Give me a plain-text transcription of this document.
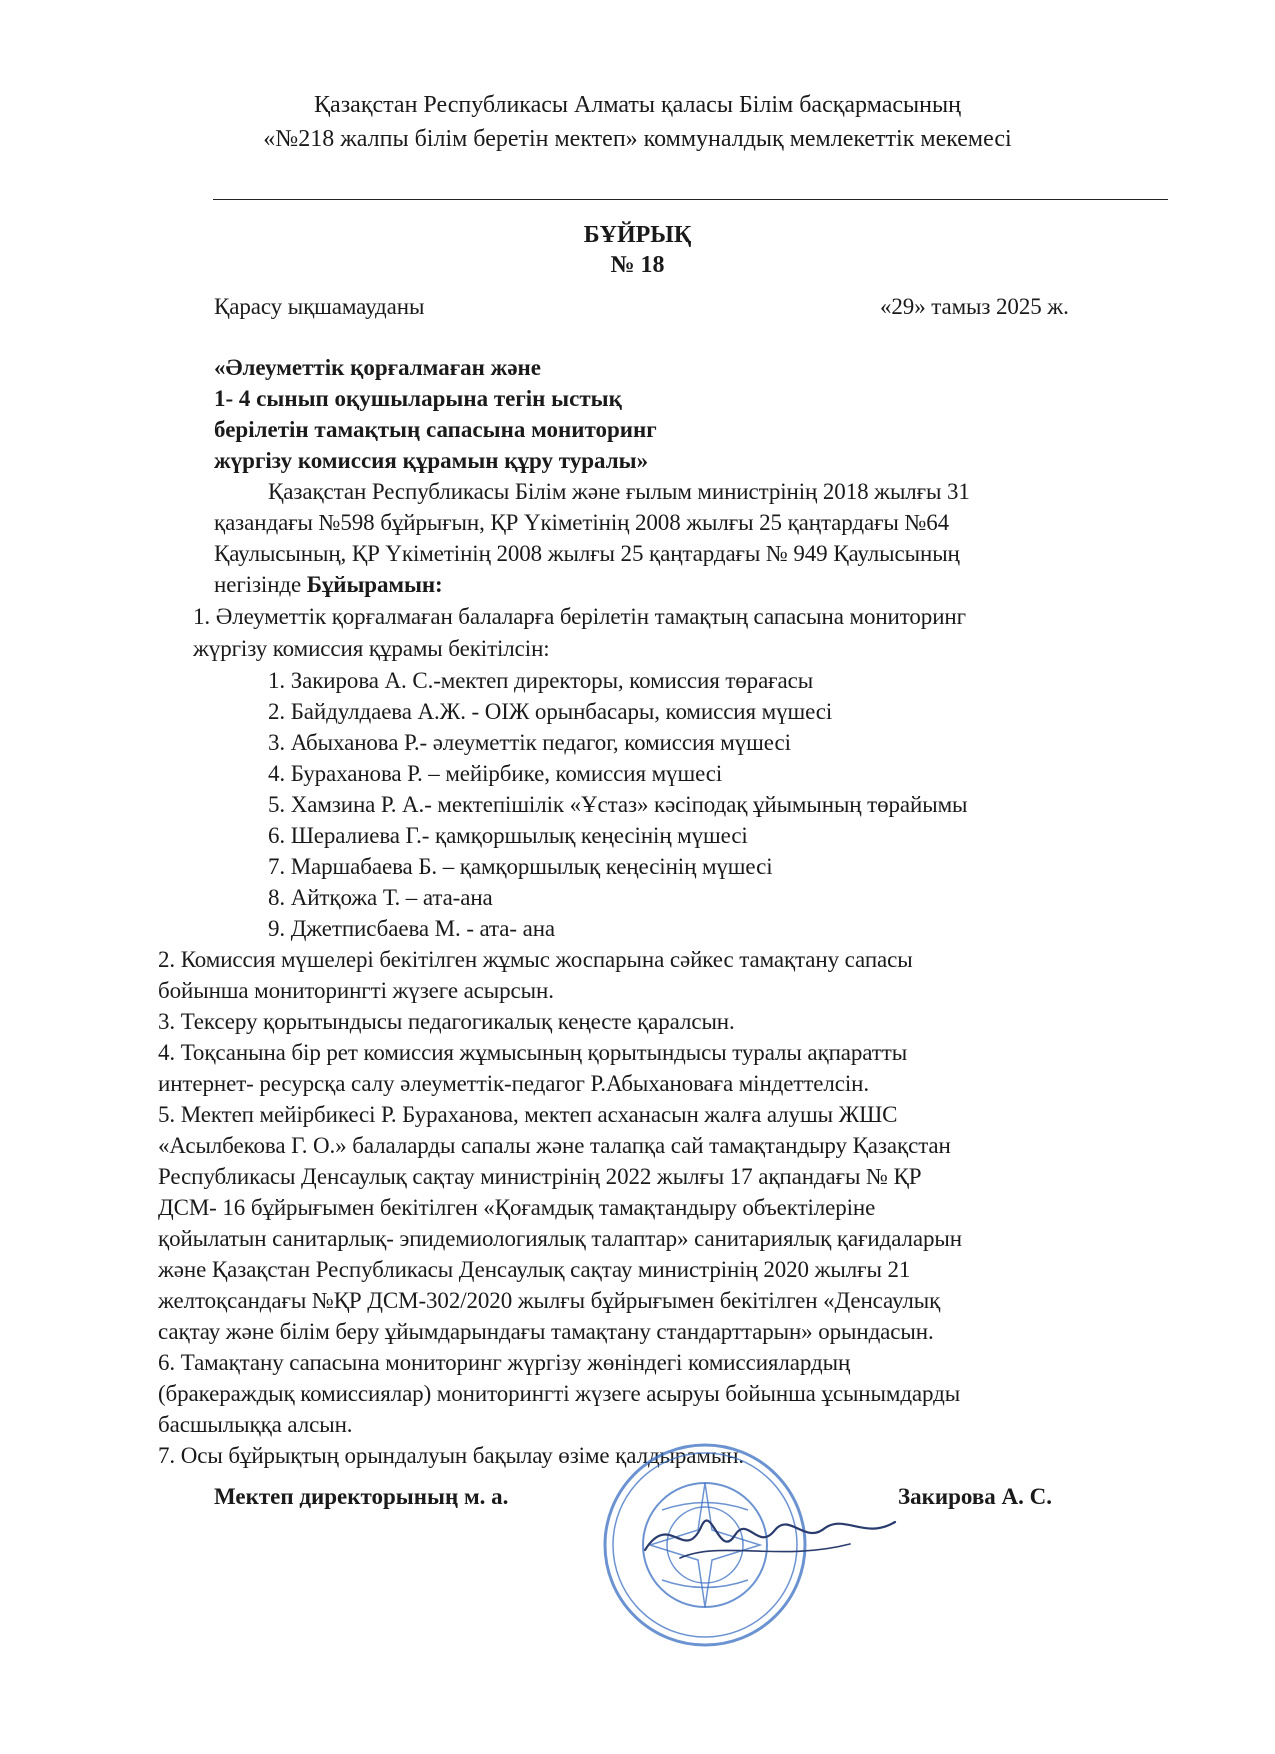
Қазақстан Республикасы Алматы қаласы Білім басқармасының
«№218 жалпы білім беретін мектеп» коммуналдық мемлекеттік мекемесі
БҰЙРЫҚ
№ 18
Қарасу ықшамауданы	«29» тамыз 2025 ж.
«Әлеуметтік қорғалмаған және
1- 4 сынып оқушыларына тегін ыстық
берілетін тамақтың сапасына мониторинг
жүргізу комиссия құрамын құру туралы»
Қазақстан Республикасы Білім және ғылым министрінің 2018 жылғы 31
қазандағы №598 бұйрығын, ҚР Үкіметінің 2008 жылғы 25 қаңтардағы №64
Қаулысының, ҚР Үкіметінің 2008 жылғы 25 қаңтардағы № 949 Қаулысының
негізінде Бұйырамын:
1. Әлеуметтік қорғалмаған балаларға берілетін тамақтың сапасына мониторинг
жүргізу комиссия құрамы бекітілсін:
1. Закирова А. С.-мектеп директоры, комиссия төрағасы
2. Байдулдаева А.Ж. - ОІЖ орынбасары, комиссия мүшесі
3. Абыханова Р.- әлеуметтік педагог, комиссия мүшесі
4. Бураханова Р. – мейірбике, комиссия мүшесі
5. Хамзина Р. А.- мектепішілік «Ұстаз» кәсіподақ ұйымының төрайымы
6. Шералиева Г.- қамқоршылық кеңесінің мүшесі
7. Маршабаева Б. – қамқоршылық кеңесінің мүшесі
8. Айтқожа Т. – ата-ана
9. Джетписбаева М. - ата- ана
2. Комиссия мүшелері бекітілген жұмыс жоспарына сәйкес тамақтану сапасы
бойынша мониторингті жүзеге асырсын.
3. Тексеру қорытындысы педагогикалық кеңесте қаралсын.
4. Тоқсанына бір рет комиссия жұмысының қорытындысы туралы ақпаратты
интернет- ресурсқа салу әлеуметтік-педагог Р.Абыхановаға міндеттелсін.
5. Мектеп мейірбикесі Р. Бураханова, мектеп асханасын жалға алушы ЖШС
«Асылбекова Г. О.» балаларды сапалы және талапқа сай тамақтандыру Қазақстан
Республикасы Денсаулық сақтау министрінің 2022 жылғы 17 ақпандағы № ҚР
ДСМ- 16 бұйрығымен бекітілген «Қоғамдық тамақтандыру объектілеріне
қойылатын санитарлық- эпидемиологиялық талаптар» санитариялық қағидаларын
және Қазақстан Республикасы Денсаулық сақтау министрінің 2020 жылғы 21
желтоқсандағы №ҚР ДСМ-302/2020 жылғы бұйрығымен бекітілген «Денсаулық
сақтау және білім беру ұйымдарындағы тамақтану стандарттарын» орындасын.
6. Тамақтану сапасына мониторинг жүргізу жөніндегі комиссиялардың
(бракераждық комиссиялар) мониторингті жүзеге асыруы бойынша ұсынымдарды
басшылыққа алсын.
7. Осы бұйрықтың орындалуын бақылау өзіме қалдырамын.
Мектеп директорының м. а.	Закирова А. С.
